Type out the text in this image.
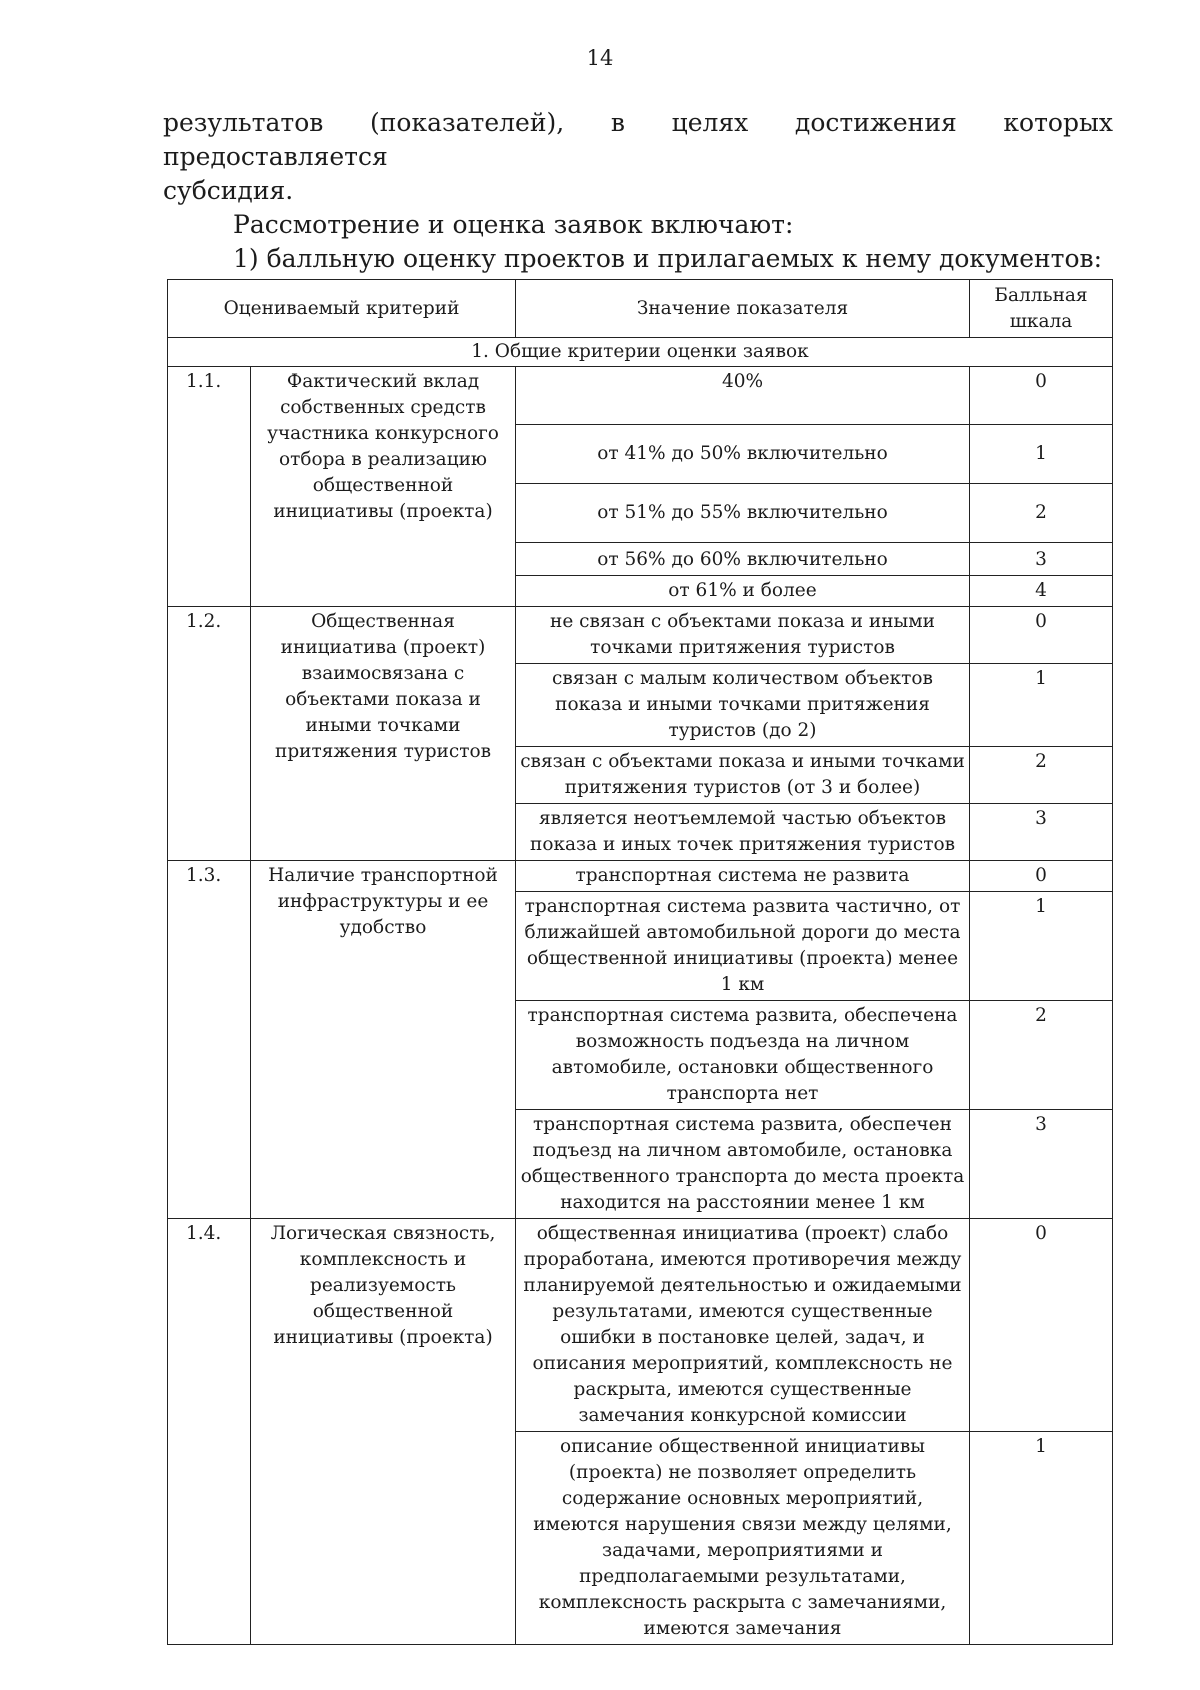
14

результатов (показателей), в целях достижения которых предоставляется

субсидия.

Рассмотрение и оценка заявок включают:

1) балльную оценку проектов и прилагаемых к нему документов:

Оцениваемый критерий		Значение показателя	Балльная шкала
1. Общие критерии оценки заявок			
1.1.	Фактический вклад собственных средств участника конкурсного отбора в реализацию общественной инициативы (проекта)	40%	0
		от 41% до 50% включительно	1
		от 51% до 55% включительно	2
		от 56% до 60% включительно	3
		от 61% и более	4
1.2.	Общественная инициатива (проект) взаимосвязана с объектами показа и иными точками притяжения туристов	не связан с объектами показа и иными точками притяжения туристов	0
		связан с малым количеством объектов показа и иными точками притяжения туристов (до 2)	1
		связан с объектами показа и иными точками притяжения туристов (от 3 и более)	2
		является неотъемлемой частью объектов показа и иных точек притяжения туристов	3
1.3.	Наличие транспортной инфраструктуры и ее удобство	транспортная система не развита	0
		транспортная система развита частично, от ближайшей автомобильной дороги до места общественной инициативы (проекта) менее 1 км	1
		транспортная система развита, обеспечена возможность подъезда на личном автомобиле, остановки общественного транспорта нет	2
		транспортная система развита, обеспечен подъезд на личном автомобиле, остановка общественного транспорта до места проекта находится на расстоянии менее 1 км	3
1.4.	Логическая связность, комплексность и реализуемость общественной инициативы (проекта)	общественная инициатива (проект) слабо проработана, имеются противоречия между планируемой деятельностью и ожидаемыми результатами, имеются существенные ошибки в постановке целей, задач, и описания мероприятий, комплексность не раскрыта, имеются существенные замечания конкурсной комиссии	0
		описание общественной инициативы (проекта) не позволяет определить содержание основных мероприятий, имеются нарушения связи между целями, задачами, мероприятиями и предполагаемыми результатами, комплексность раскрыта с замечаниями, имеются замечания	1
